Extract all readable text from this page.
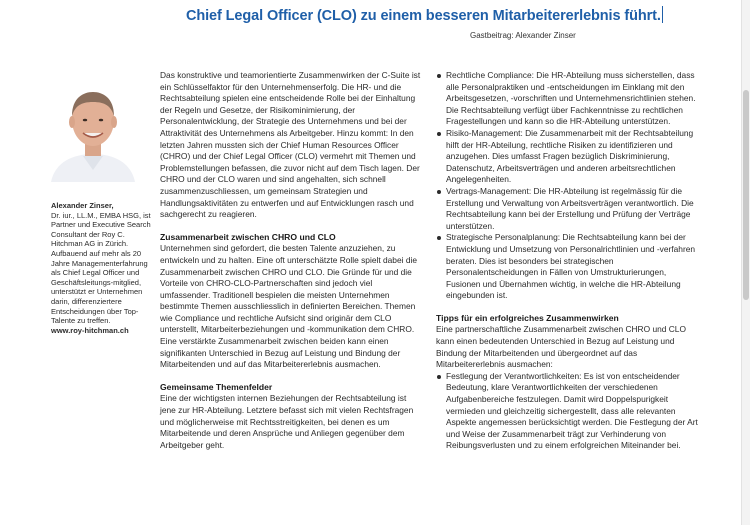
Chief Legal Officer (CLO) zu einem besseren Mitarbeitererlebnis führt.
Gastbeitrag: Alexander Zinser
Alexander Zinser,
Dr. iur., LL.M., EMBA HSG, ist Partner und Executive Search Consultant der Roy C. Hitchman AG in Zürich. Aufbauend auf mehr als 20 Jahre Managementerfahrung als Chief Legal Officer und Geschäftsleitungs-mitglied, unterstützt er Unternehmen darin, differenziertere Entscheidungen über Top-Talente zu treffen.
www.roy-hitchman.ch

Das konstruktive und teamorientierte Zusammenwirken der C-Suite ist ein Schlüsselfaktor für den Unternehmenserfolg. Die HR- und die Rechtsabteilung spielen eine entscheidende Rolle bei der Einhaltung der Regeln und Gesetze, der Risikominimierung, der Personalentwicklung, der Strategie des Unternehmens und bei der Attraktivität des Unternehmens als Arbeitgeber. Hinzu kommt: In den letzten Jahren mussten sich der Chief Human Resources Officer (CHRO) und der Chief Legal Officer (CLO) vermehrt mit Themen und Problemstellungen befassen, die zuvor nicht auf dem Tisch lagen. Der CHRO und der CLO waren und sind angehalten, sich schnell zusammenzuschliessen, um gemeinsam Strategien und Handlungsaktivitäten zu entwerfen und auf Entwicklungen rasch und sachgerecht zu reagieren.

Zusammenarbeit zwischen CHRO und CLO

Unternehmen sind gefordert, die besten Talente anzuziehen, zu entwickeln und zu halten. Eine oft unterschätzte Rolle spielt dabei die Zusammenarbeit zwischen CHRO und CLO. Die Gründe für und die Vorteile von CHRO-CLO-Partnerschaften sind jedoch viel umfassender. Traditionell bespielen die meisten Unternehmen bestimmte Themen ausschliesslich in definierten Bereichen. Themen wie Compliance und rechtliche Aufsicht sind originär dem CLO unterstellt, Mitarbeiterbeziehungen und -kommunikation dem CHRO. Eine verstärkte Zusammenarbeit zwischen beiden kann einen signifikanten Unterschied in Bezug auf Leistung und Bindung der Mitarbeitenden und auf das Mitarbeitererlebnis ausmachen.

Gemeinsame Themenfelder

Eine der wichtigsten internen Beziehungen der Rechtsabteilung ist jene zur HR-Abteilung. Letztere befasst sich mit vielen Rechtsfragen und möglicherweise mit Rechtsstreitigkeiten, bei denen es um Mitarbeitende und deren Ansprüche und Anliegen gegenüber dem Arbeitgeber geht.

Rechtliche Compliance: Die HR-Abteilung muss sicherstellen, dass alle Personalpraktiken und -entscheidungen im Einklang mit den Arbeitsgesetzen, -vorschriften und Unternehmensrichtlinien stehen. Die Rechtsabteilung verfügt über Fachkenntnisse zu rechtlichen Fragestellungen und kann so die HR-Abteilung unterstützen.
Risiko-Management: Die Zusammenarbeit mit der Rechtsabteilung hilft der HR-Abteilung, rechtliche Risiken zu identifizieren und anzugehen. Dies umfasst Fragen bezüglich Diskriminierung, Datenschutz, Arbeitsverträgen und anderen arbeitsrechtlichen Angelegenheiten.
Vertrags-Management: Die HR-Abteilung ist regelmässig für die Erstellung und Verwaltung von Arbeitsverträgen verantwortlich. Die Rechtsabteilung kann bei der Erstellung und Prüfung der Verträge unterstützen.
Strategische Personalplanung: Die Rechtsabteilung kann bei der Entwicklung und Umsetzung von Personalrichtlinien und -verfahren beraten. Dies ist besonders bei strategischen Personalentscheidungen in Fällen von Umstrukturierungen, Fusionen und Übernahmen wichtig, in welche die HR-Abteilung eingebunden ist.
Tipps für ein erfolgreiches Zusammenwirken

Eine partnerschaftliche Zusammenarbeit zwischen CHRO und CLO kann einen bedeutenden Unterschied in Bezug auf Leistung und Bindung der Mitarbeitenden und übergeordnet auf das Mitarbeitererlebnis ausmachen:

Festlegung der Verantwortlichkeiten: Es ist von entscheidender Bedeutung, klare Verantwortlichkeiten der verschiedenen Aufgabenbereiche festzulegen. Damit wird Doppelspurigkeit vermieden und gleichzeitig sichergestellt, dass alle relevanten Aspekte angemessen berücksichtigt werden. Die Festlegung der Art und Weise der Zusammenarbeit trägt zur Verhinderung von Reibungsverlusten und zu einem erfolgreichen Miteinander bei.
